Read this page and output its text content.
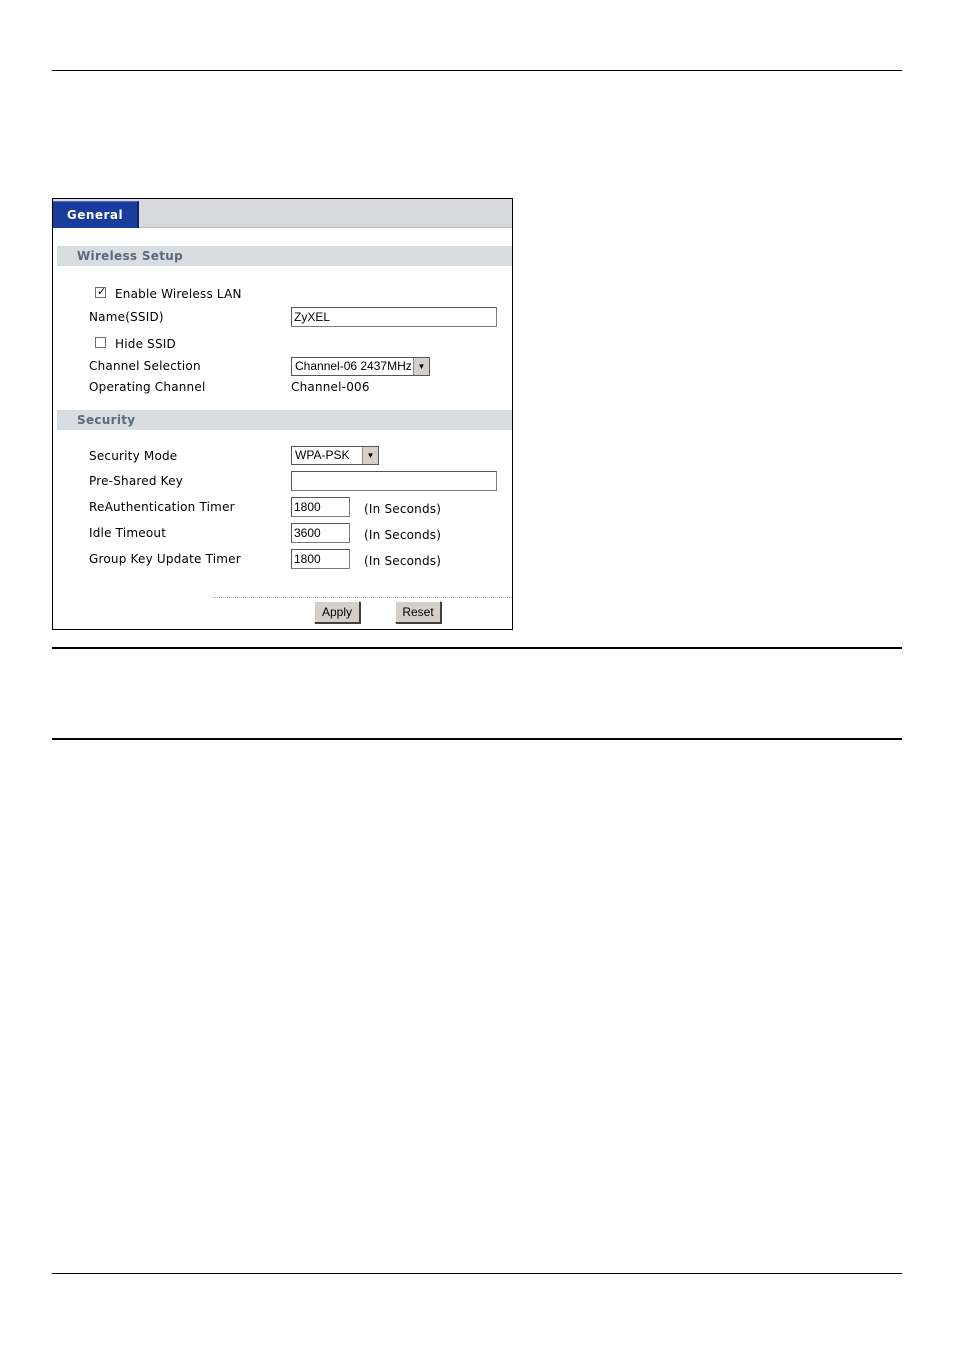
General
Wireless Setup
✓ Enable Wireless LAN
Name(SSID)	ZyXEL
Hide SSID
Channel Selection	Channel-06 2437MHz ▼
Operating Channel	Channel-006
Security
Security Mode	WPA-PSK	▼
Pre-Shared Key
ReAuthentication Timer	1800	(In Seconds)
Idle Timeout	3600	(In Seconds)
Group Key Update Timer	1800	(In Seconds)
Apply	Reset
